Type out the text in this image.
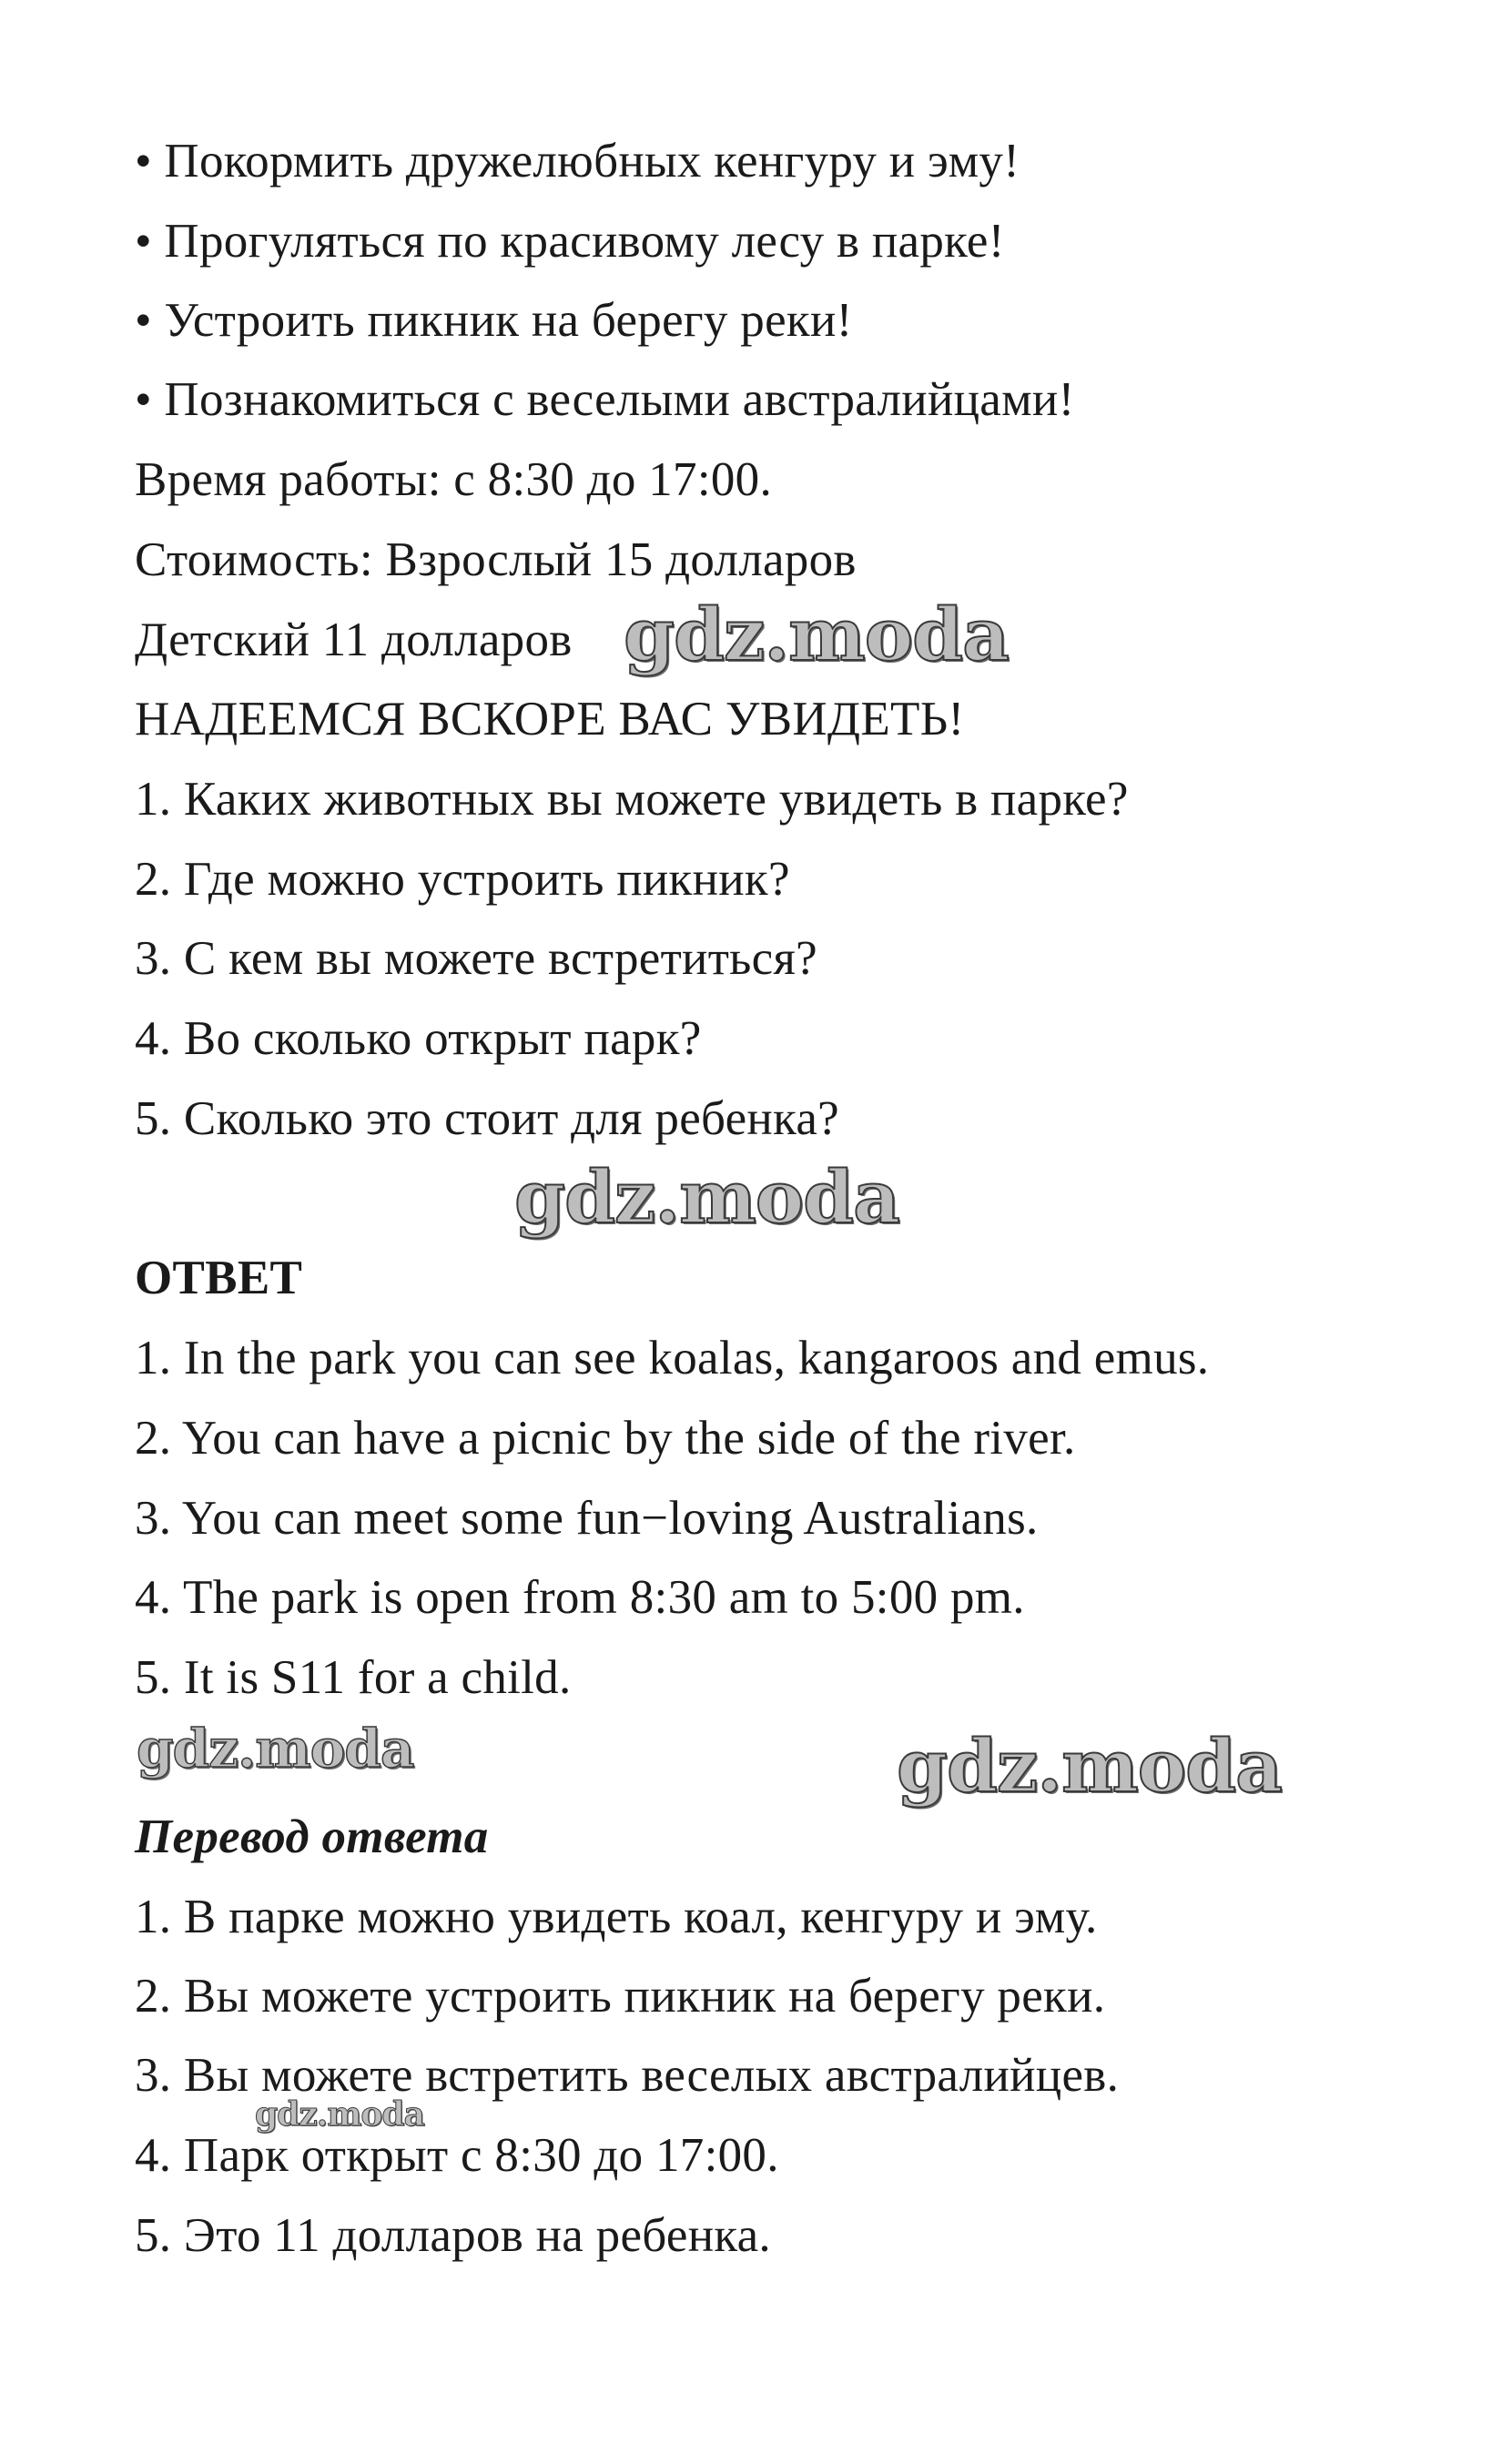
• Покормить дружелюбных кенгуру и эму!
• Прогуляться по красивому лесу в парке!
• Устроить пикник на берегу реки!
• Познакомиться с веселыми австралийцами!
Время работы: с 8:30 до 17:00.
Стоимость: Взрослый 15 долларов
Детский 11 долларов
НАДЕЕМСЯ ВСКОРЕ ВАС УВИДЕТЬ!
1. Каких животных вы можете увидеть в парке?
2. Где можно устроить пикник?
3. С кем вы можете встретиться?
4. Во сколько открыт парк?
5. Сколько это стоит для ребенка?
ОТВЕТ
1. In the park you can see koalas, kangaroos and emus.
2. You can have a picnic by the side of the river.
3. You can meet some fun−loving Australians.
4. The park is open from 8:30 am to 5:00 pm.
5. It is S11 for a child.
Перевод ответа
1. В парке можно увидеть коал, кенгуру и эму.
2. Вы можете устроить пикник на берегу реки.
3. Вы можете встретить веселых австралийцев.
4. Парк открыт с 8:30 до 17:00.
5. Это 11 долларов на ребенка.
gdz.moda
gdz.moda
gdz.moda	gdz.moda
gdz.moda
